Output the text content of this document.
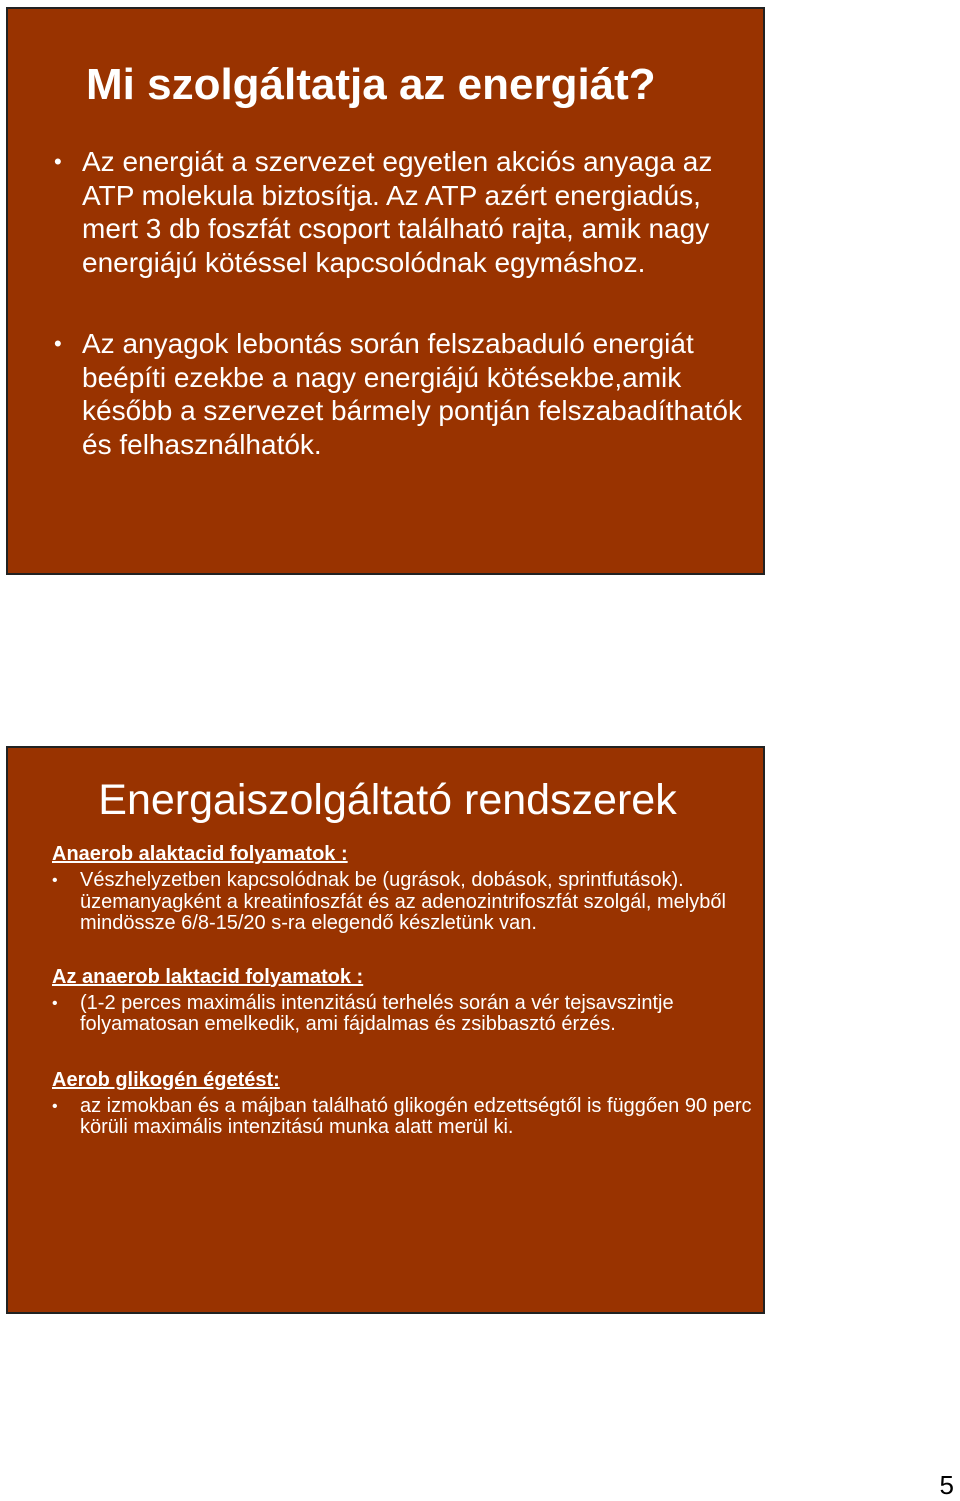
Mi szolgáltatja az energiát?
• Az energiát a szervezet egyetlen akciós anyaga az ATP molekula biztosítja. Az ATP azért energiadús, mert 3 db foszfát csoport található rajta, amik nagy energiájú kötéssel kapcsolódnak egymáshoz.
• Az anyagok lebontás során felszabaduló energiát beépíti ezekbe a nagy energiájú kötésekbe,amik később a szervezet bármely pontján felszabadíthatók és felhasználhatók.
Energaiszolgáltató rendszerek

Anaerob alaktacid folyamatok :

• Vészhelyzetben kapcsolódnak be (ugrások, dobások, sprintfutások). üzemanyagként a kreatinfoszfát és az adenozintrifoszfát szolgál, melyből mindössze 6/8-15/20 s-ra elegendő készletünk van.

Az anaerob laktacid folyamatok :

• (1-2 perces maximális intenzitású terhelés során a vér tejsavszintje folyamatosan emelkedik, ami fájdalmas és zsibbasztó érzés.

Aerob glikogén égetést:

• az izmokban és a májban található glikogén edzettségtől is függően 90 perc körüli maximális intenzitású munka alatt merül ki.
5
